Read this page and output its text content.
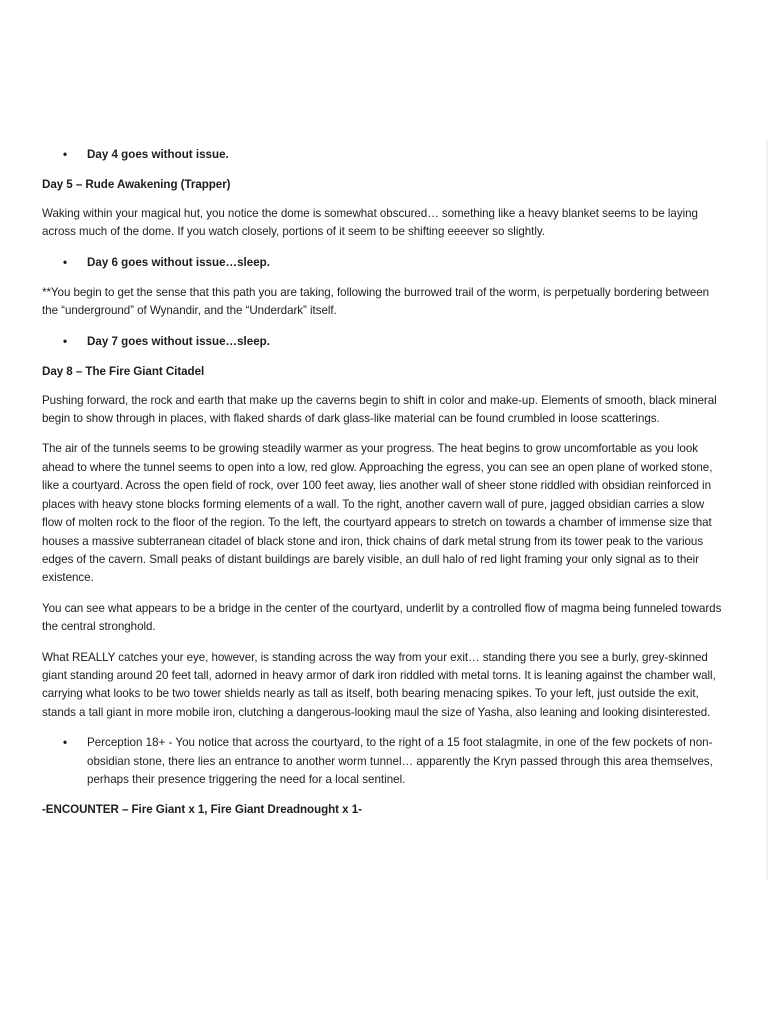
• Day 4 goes without issue.

Day 5 – Rude Awakening (Trapper)

Waking within your magical hut, you notice the dome is somewhat obscured… something like a heavy blanket seems to be laying across much of the dome. If you watch closely, portions of it seem to be shifting eeeever so slightly.

• Day 6 goes without issue…sleep.

**You begin to get the sense that this path you are taking, following the burrowed trail of the worm, is perpetually bordering between the “underground” of Wynandir, and the “Underdark” itself.

• Day 7 goes without issue…sleep.

Day 8 – The Fire Giant Citadel

Pushing forward, the rock and earth that make up the caverns begin to shift in color and make-up. Elements of smooth, black mineral begin to show through in places, with flaked shards of dark glass-like material can be found crumbled in loose scatterings.

The air of the tunnels seems to be growing steadily warmer as your progress. The heat begins to grow uncomfortable as you look ahead to where the tunnel seems to open into a low, red glow. Approaching the egress, you can see an open plane of worked stone, like a courtyard. Across the open field of rock, over 100 feet away, lies another wall of sheer stone riddled with obsidian reinforced in places with heavy stone blocks forming elements of a wall. To the right, another cavern wall of pure, jagged obsidian carries a slow flow of molten rock to the floor of the region. To the left, the courtyard appears to stretch on towards a chamber of immense size that houses a massive subterranean citadel of black stone and iron, thick chains of dark metal strung from its tower peak to the various edges of the cavern. Small peaks of distant buildings are barely visible, an dull halo of red light framing your only signal as to their existence.

You can see what appears to be a bridge in the center of the courtyard, underlit by a controlled flow of magma being funneled towards the central stronghold.

What REALLY catches your eye, however, is standing across the way from your exit… standing there you see a burly, grey-skinned giant standing around 20 feet tall, adorned in heavy armor of dark iron riddled with metal torns. It is leaning against the chamber wall, carrying what looks to be two tower shields nearly as tall as itself, both bearing menacing spikes. To your left, just outside the exit, stands a tall giant in more mobile iron, clutching a dangerous-looking maul the size of Yasha, also leaning and looking disinterested.

• Perception 18+ - You notice that across the courtyard, to the right of a 15 foot stalagmite, in one of the few pockets of non-obsidian stone, there lies an entrance to another worm tunnel… apparently the Kryn passed through this area themselves, perhaps their presence triggering the need for a local sentinel.

-ENCOUNTER – Fire Giant x 1, Fire Giant Dreadnought x 1-
